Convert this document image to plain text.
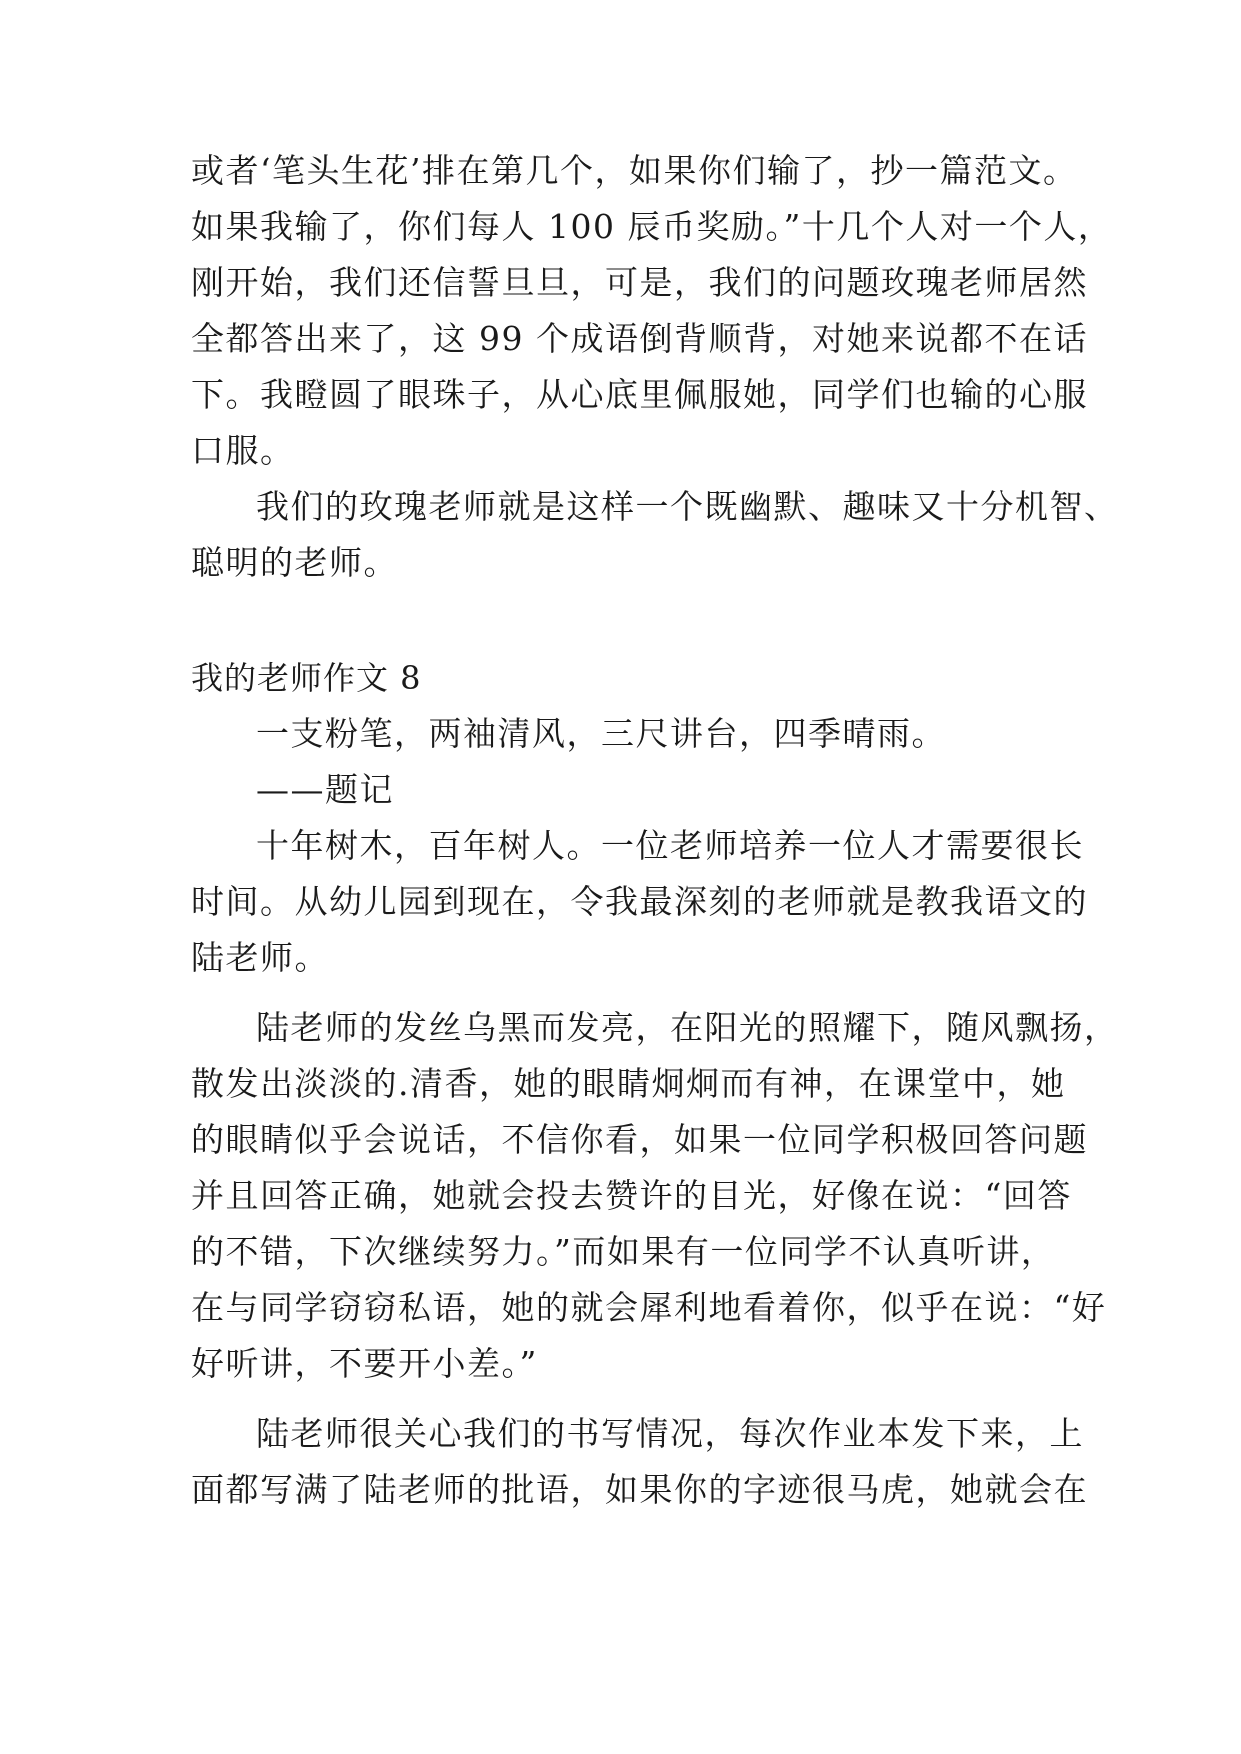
或者‘笔头生花’排在第几个，如果你们输了，抄一篇范文。
如果我输了，你们每人 100 辰币奖励。”十几个人对一个人，
刚开始，我们还信誓旦旦，可是，我们的问题玫瑰老师居然
全都答出来了，这 99 个成语倒背顺背，对她来说都不在话
下。我瞪圆了眼珠子，从心底里佩服她，同学们也输的心服
口服。
我们的玫瑰老师就是这样一个既幽默、趣味又十分机智、
聪明的老师。
我的老师作文 8
一支粉笔，两袖清风，三尺讲台，四季晴雨。
——题记
十年树木，百年树人。一位老师培养一位人才需要很长
时间。从幼儿园到现在，令我最深刻的老师就是教我语文的
陆老师。
陆老师的发丝乌黑而发亮，在阳光的照耀下，随风飘扬，
散发出淡淡的.清香，她的眼睛炯炯而有神，在课堂中，她
的眼睛似乎会说话，不信你看，如果一位同学积极回答问题
并且回答正确，她就会投去赞许的目光，好像在说：“回答
的不错，下次继续努力。”而如果有一位同学不认真听讲，
在与同学窃窃私语，她的就会犀利地看着你，似乎在说：“好
好听讲，不要开小差。”
陆老师很关心我们的书写情况，每次作业本发下来，上
面都写满了陆老师的批语，如果你的字迹很马虎，她就会在
